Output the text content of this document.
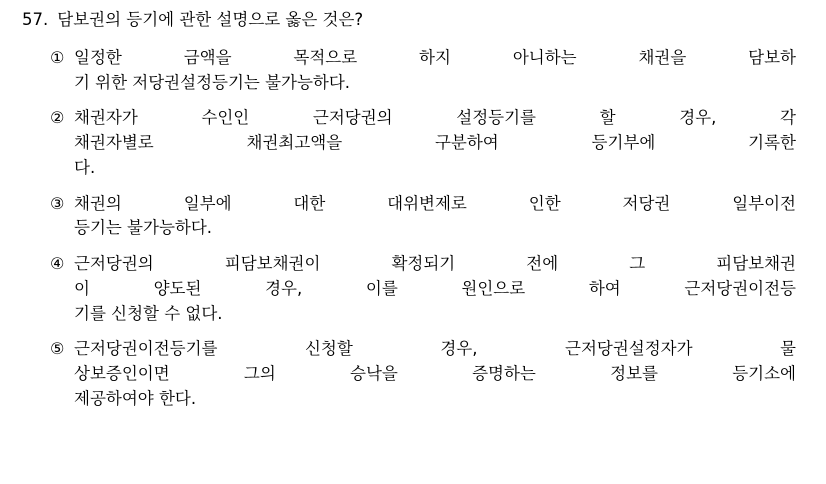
57. 담보권의 등기에 관한 설명으로 옳은 것은?
① 일정한	금액을	목적으로	하지	아니하는	채권을	담보하
기 위한 저당권설정등기는 불가능하다.
② 채권자가	수인인	근저당권의	설정등기를	할	경우,	각
채권자별로	채권최고액을	구분하여	등기부에	기록한
다.
③ 채권의	일부에	대한	대위변제로	인한	저당권	일부이전
등기는 불가능하다.
④ 근저당권의	피담보채권이	확정되기	전에	그	피담보채권
이	양도된	경우,	이를	원인으로	하여	근저당권이전등
기를 신청할 수 없다.
⑤ 근저당권이전등기를	신청할	경우,	근저당권설정자가	물
상보증인이면	그의	승낙을	증명하는	정보를	등기소에
제공하여야 한다.
